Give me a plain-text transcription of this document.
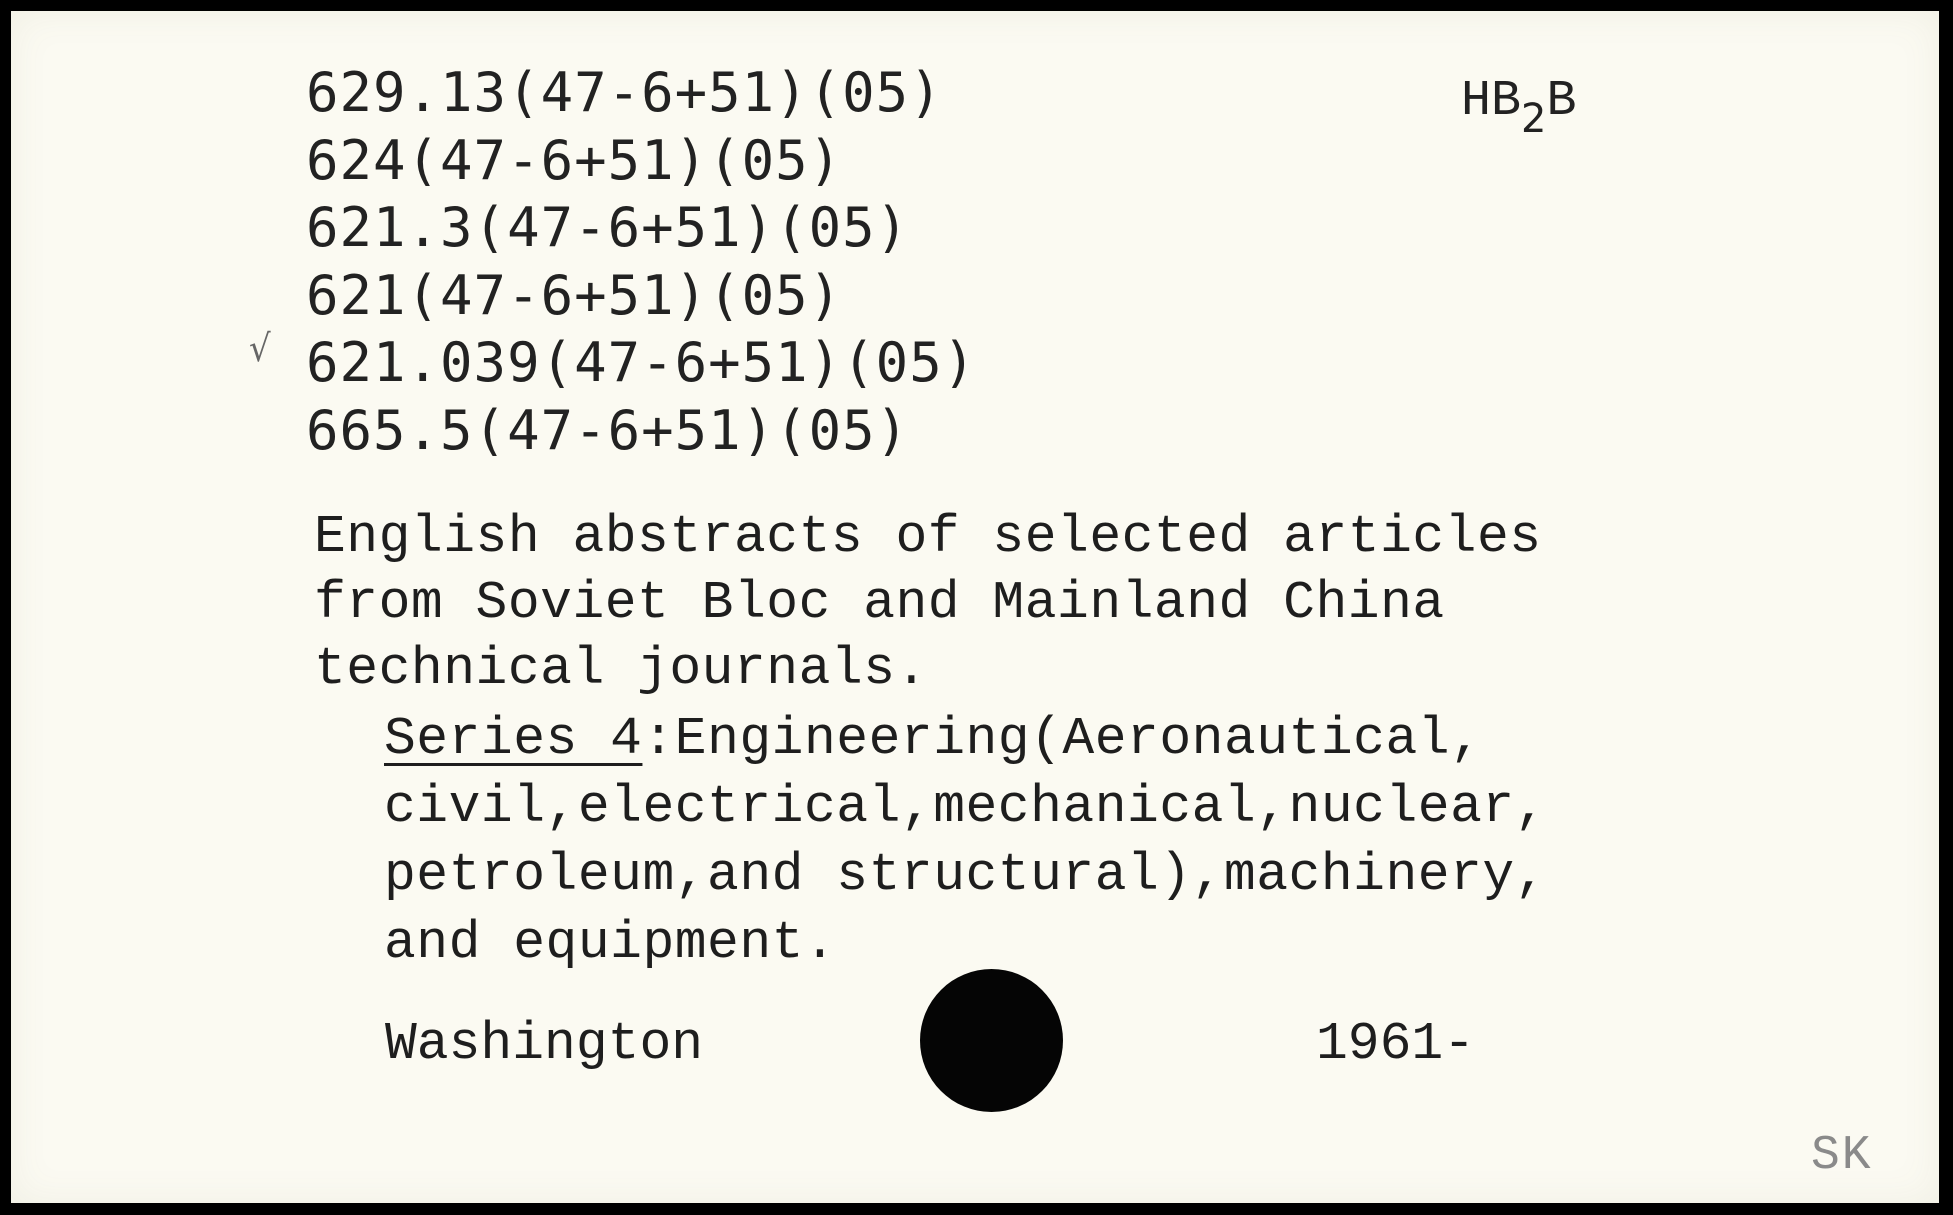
629.13(47-6+51)(05)
624(47-6+51)(05)
621.3(47-6+51)(05)
621(47-6+51)(05)
621.039(47-6+51)(05)
665.5(47-6+51)(05)
√
$HB_2B$
English abstracts of selected articles
from Soviet Bloc and Mainland China
technical journals.
Series 4:Engineering(Aeronautical,
civil,electrical,mechanical,nuclear,
petroleum,and structural),machinery,
and equipment.
Washington	1961-
SK
